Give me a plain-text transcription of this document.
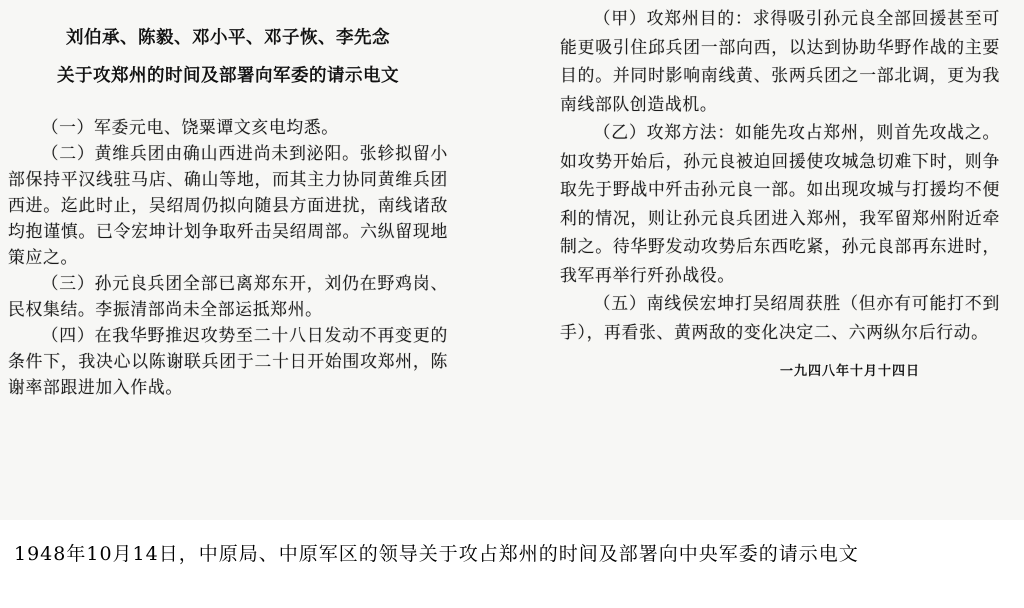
刘伯承、陈毅、邓小平、邓子恢、李先念
关于攻郑州的时间及部署向军委的请示电文

（一）军委元电、饶粟谭文亥电均悉。

（二）黄维兵团由确山西进尚未到泌阳。张轸拟留小部保持平汉线驻马店、确山等地，而其主力协同黄维兵团西进。迄此时止，吴绍周仍拟向随县方面进扰，南线诸敌均抱谨慎。已令宏坤计划争取歼击吴绍周部。六纵留现地策应之。

（三）孙元良兵团全部已离郑东开，刘仍在野鸡岗、民权集结。李振清部尚未全部运抵郑州。

（四）在我华野推迟攻势至二十八日发动不再变更的条件下，我决心以陈谢联兵团于二十日开始围攻郑州，陈谢率部跟进加入作战。

（甲）攻郑州目的：求得吸引孙元良全部回援甚至可能更吸引住邱兵团一部向西，以达到协助华野作战的主要目的。并同时影响南线黄、张两兵团之一部北调，更为我南线部队创造战机。

（乙）攻郑方法：如能先攻占郑州，则首先攻战之。如攻势开始后，孙元良被迫回援使攻城急切难下时，则争取先于野战中歼击孙元良一部。如出现攻城与打援均不便利的情况，则让孙元良兵团进入郑州，我军留郑州附近牵制之。待华野发动攻势后东西吃紧，孙元良部再东进时，我军再举行歼孙战役。

（五）南线侯宏坤打吴绍周获胜（但亦有可能打不到手），再看张、黄两敌的变化决定二、六两纵尔后行动。

一九四八年十月十四日
1948年10月14日，中原局、中原军区的领导关于攻占郑州的时间及部署向中央军委的请示电文
